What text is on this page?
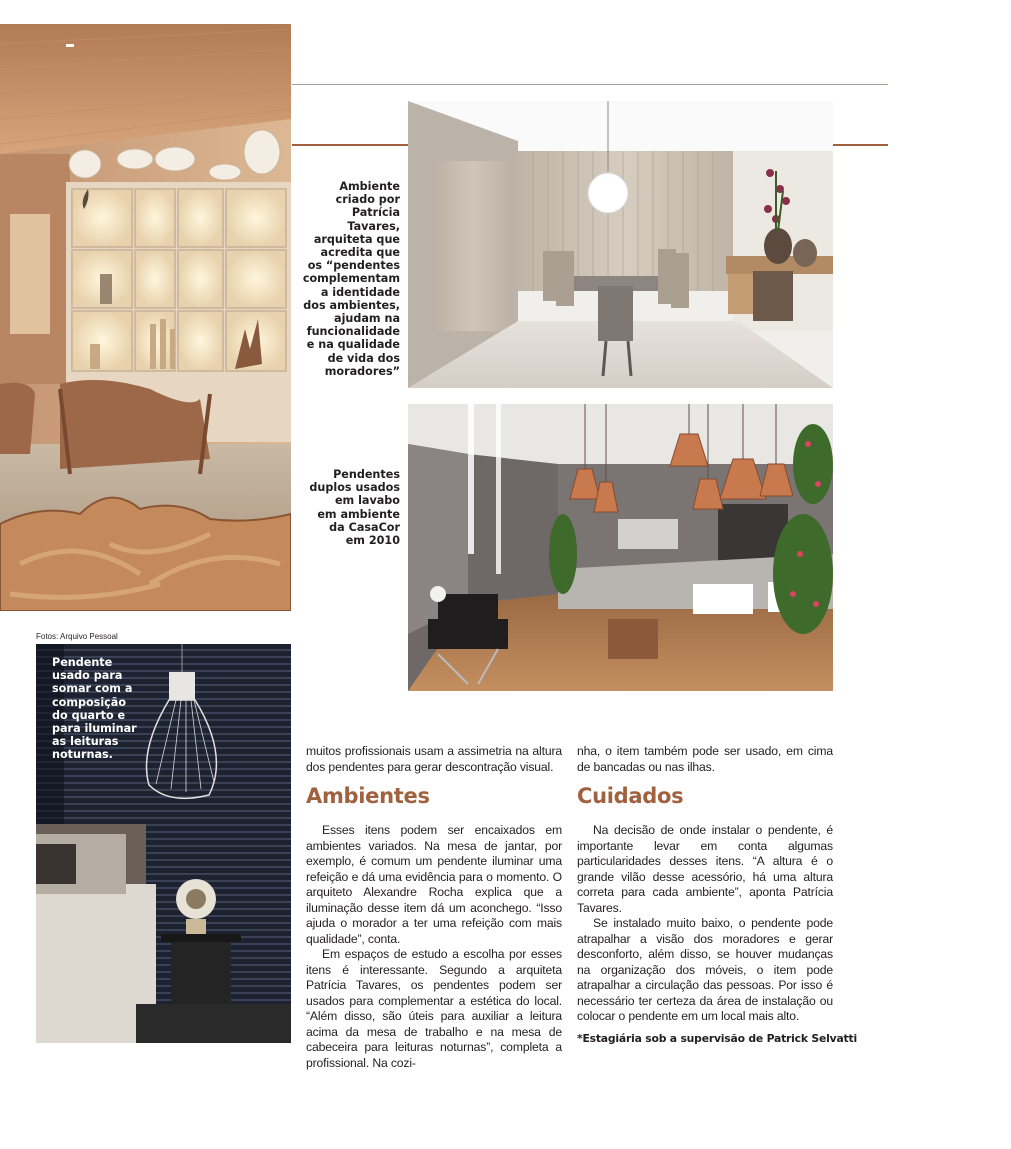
Ambiente
criado por
Patrícia Tavares,
arquiteta que
acredita que
os “pendentes
complementam
a identidade
dos ambientes,
ajudam na
funcionalidade
e na qualidade
de vida dos
moradores”
Pendentes
duplos usados
em lavabo
em ambiente
da CasaCor
em 2010
Fotos: Arquivo Pessoal
Pendente
usado para
somar com a
composição
do quarto e
para iluminar
as leituras
noturnas.	muitos profissionais usam a assimetria na altura dos pendentes para gerar descontração visual.

Ambientes

Esses itens podem ser encaixados em ambientes variados. Na mesa de jantar, por exemplo, é comum um pendente iluminar uma refeição e dá uma evidência para o momento. O arquiteto Alexandre Rocha explica que a iluminação desse item dá um aconchego. “Isso ajuda o morador a ter uma refeição com mais qualidade”, conta.

Em espaços de estudo a escolha por esses itens é interessante. Segundo a arquiteta Patrícia Tavares, os pendentes podem ser usados para complementar a estética do local. “Além disso, são úteis para auxiliar a leitura acima da mesa de trabalho e na mesa de cabeceira para leituras noturnas”, completa a profissional. Na cozi-

nha, o item também pode ser usado, em cima de bancadas ou nas ilhas.

Cuidados

Na decisão de onde instalar o pendente, é importante levar em conta algumas particularidades desses itens. “A altura é o grande vilão desse acessório, há uma altura correta para cada ambiente”, aponta Patrícia Tavares.

Se instalado muito baixo, o pendente pode atrapalhar a visão dos moradores e gerar desconforto, além disso, se houver mudanças na organização dos móveis, o item pode atrapalhar a circulação das pessoas. Por isso é necessário ter certeza da área de instalação ou colocar o pendente em um local mais alto.

*Estagiária sob a supervisão de Patrick Selvatti
